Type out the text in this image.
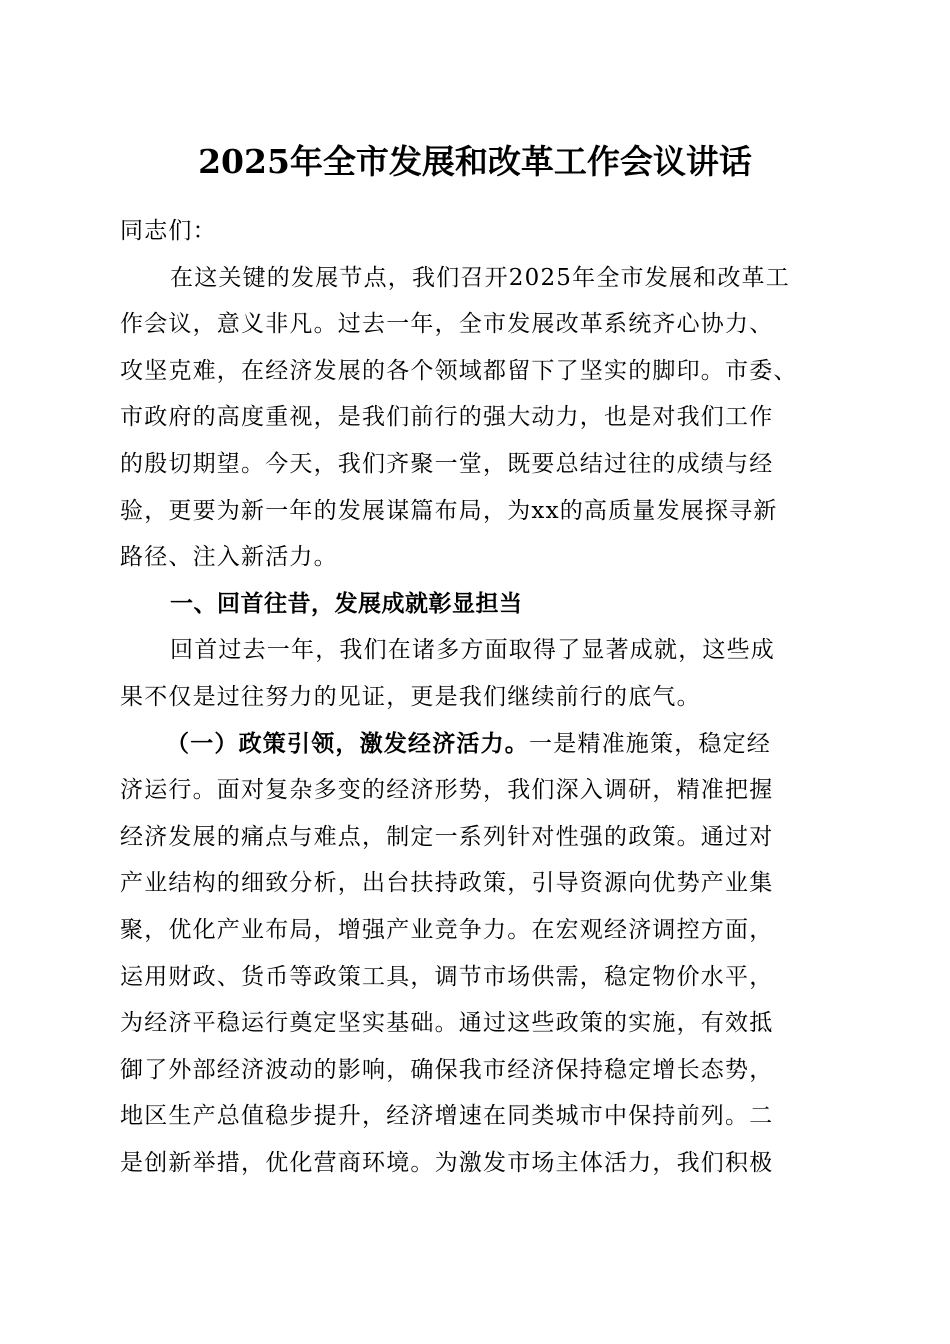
2025年全市发展和改革工作会议讲话
同志们：
在这关键的发展节点，我们召开2025年全市发展和改革工
作会议，意义非凡。过去一年，全市发展改革系统齐心协力、
攻坚克难，在经济发展的各个领域都留下了坚实的脚印。市委、
市政府的高度重视，是我们前行的强大动力，也是对我们工作
的殷切期望。今天，我们齐聚一堂，既要总结过往的成绩与经
验，更要为新一年的发展谋篇布局，为xx的高质量发展探寻新
路径、注入新活力。
一、回首往昔，发展成就彰显担当
回首过去一年，我们在诸多方面取得了显著成就，这些成
果不仅是过往努力的见证，更是我们继续前行的底气。
（一）政策引领，激发经济活力。一是精准施策，稳定经
济运行。面对复杂多变的经济形势，我们深入调研，精准把握
经济发展的痛点与难点，制定一系列针对性强的政策。通过对
产业结构的细致分析，出台扶持政策，引导资源向优势产业集
聚，优化产业布局，增强产业竞争力。在宏观经济调控方面，
运用财政、货币等政策工具，调节市场供需，稳定物价水平，
为经济平稳运行奠定坚实基础。通过这些政策的实施，有效抵
御了外部经济波动的影响，确保我市经济保持稳定增长态势，
地区生产总值稳步提升，经济增速在同类城市中保持前列。二
是创新举措，优化营商环境。为激发市场主体活力，我们积极
